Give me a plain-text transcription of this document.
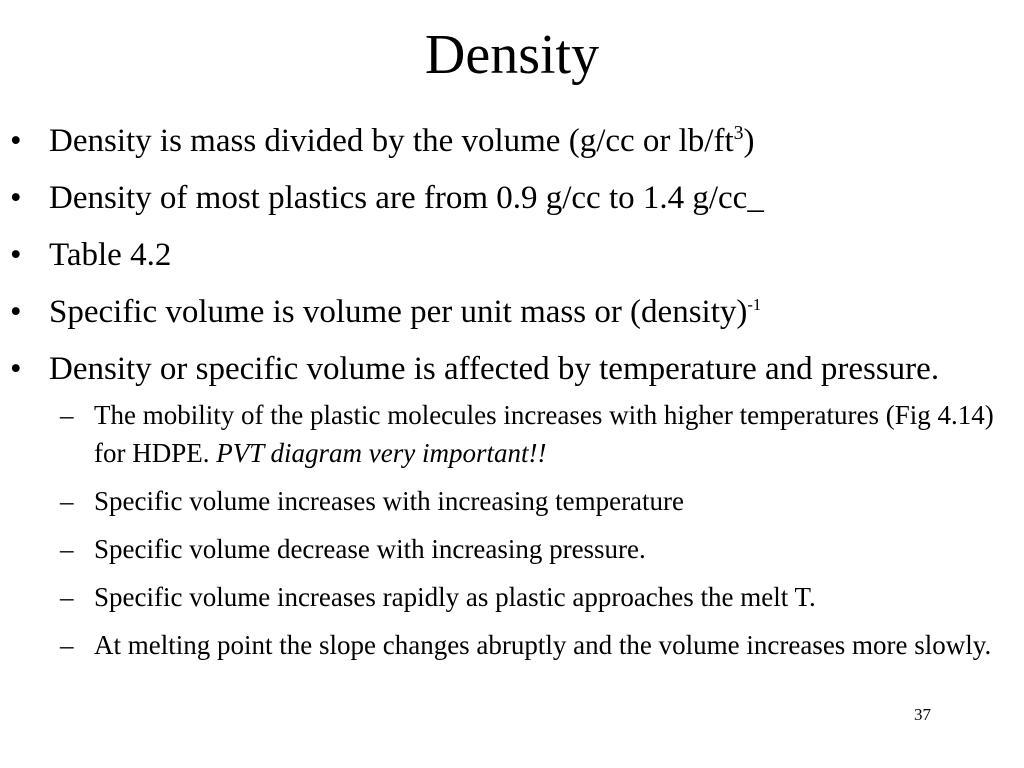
Density
• Density is mass divided by the volume (g/cc or $lb/ft^3$)
• Density of most plastics are from 0.9 g/cc to 1.4 g/cc_
• Table 4.2
• Specific volume is volume per unit mass or (density)$^{-1}$
• Density or specific volume is affected by temperature and pressure.
– The mobility of the plastic molecules increases with higher temperatures (Fig 4.14) for HDPE. PVT diagram very important!!
– Specific volume increases with increasing temperature
– Specific volume decrease with increasing pressure.
– Specific volume increases rapidly as plastic approaches the melt T.
– At melting point the slope changes abruptly and the volume increases more slowly.
37
